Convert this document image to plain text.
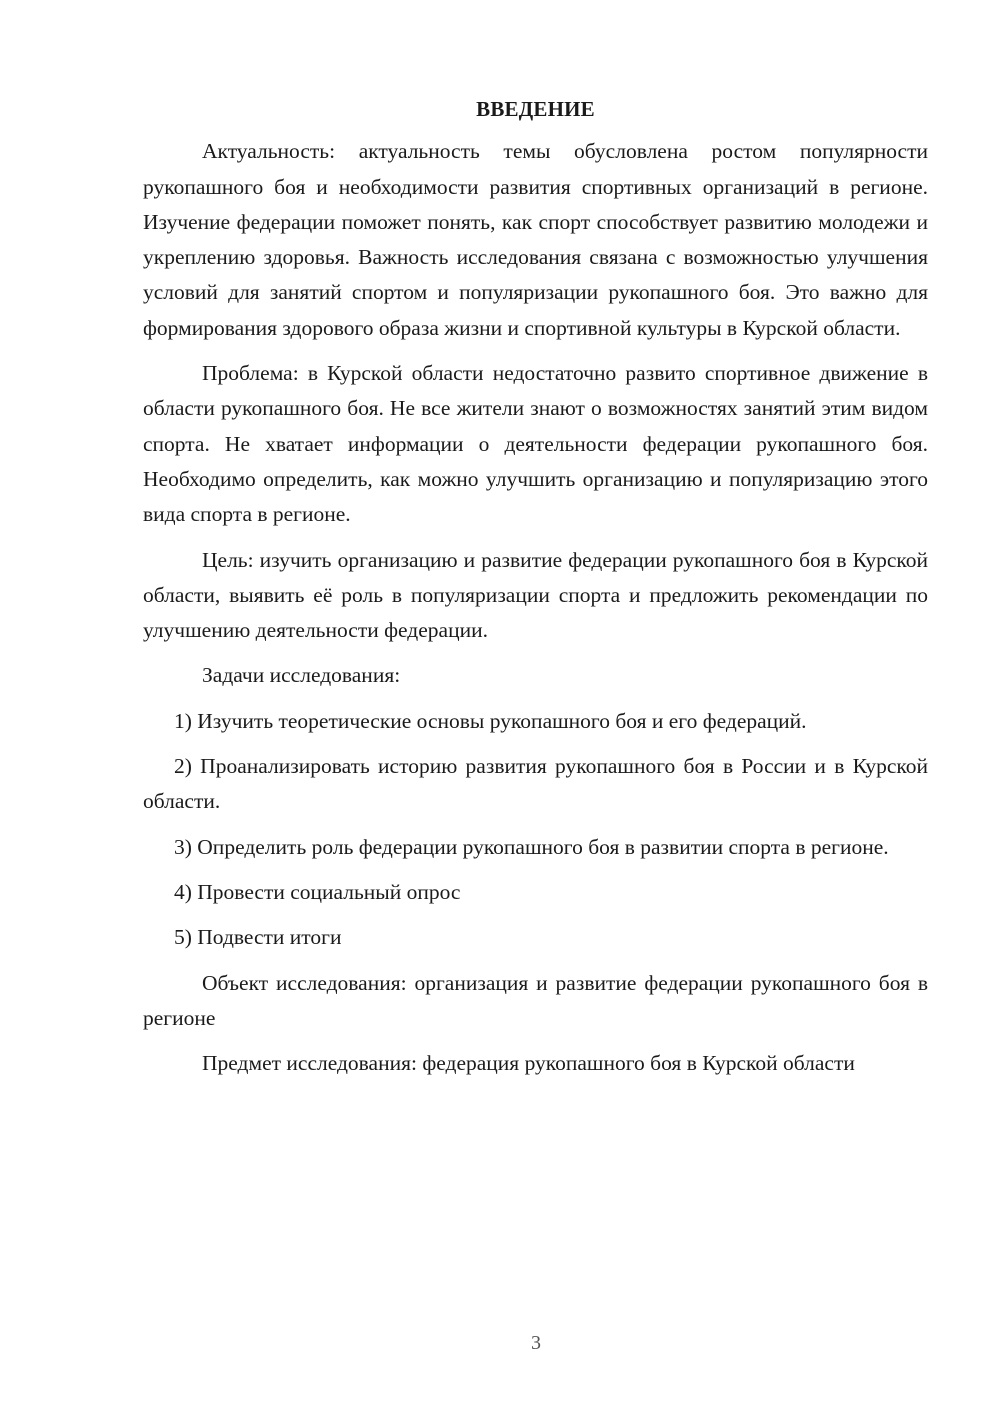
ВВЕДЕНИЕ

Актуальность: актуальность темы обусловлена ростом популярности рукопашного боя и необходимости развития спортивных организаций в регионе. Изучение федерации поможет понять, как спорт способствует развитию молодежи и укреплению здоровья. Важность исследования связана с возможностью улучшения условий для занятий спортом и популяризации рукопашного боя. Это важно для формирования здорового образа жизни и спортивной культуры в Курской области.

Проблема: в Курской области недостаточно развито спортивное движение в области рукопашного боя. Не все жители знают о возможностях занятий этим видом спорта. Не хватает информации о деятельности федерации рукопашного боя. Необходимо определить, как можно улучшить организацию и популяризацию этого вида спорта в регионе.

Цель: изучить организацию и развитие федерации рукопашного боя в Курской области, выявить её роль в популяризации спорта и предложить рекомендации по улучшению деятельности федерации.

Задачи исследования:

1) Изучить теоретические основы рукопашного боя и его федераций.

2) Проанализировать историю развития рукопашного боя в России и в Курской области.

3) Определить роль федерации рукопашного боя в развитии спорта в регионе.

4) Провести социальный опрос

5) Подвести итоги

Объект исследования: организация и развитие федерации рукопашного боя в регионе

Предмет исследования: федерация рукопашного боя в Курской области

3
